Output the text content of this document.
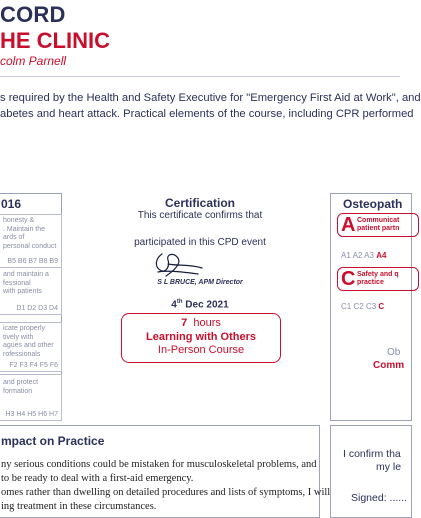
CORD
HE CLINIC
colm Parnell
s required by the Health and Safety Executive for "Emergency First Aid at Work", and
abetes and heart attack. Practical elements of the course, including CPR performed
016
honesty &
. Maintain the
ards of
personal conduct
B5 B6 B7 B8 B9
and maintain a
fessional
with patients
D1 D2 D3 D4
icate properly
tively with
agues and other
rofessionals
F2 F3 F4 F5 F6
and protect
formation
H3 H4 H5 H6 H7
Certification
This certificate confirms that
participated in this CPD event
S L BRUCE, APM Director
4th Dec 2021
7 hours
Learning with Others
In-Person Course
Osteopath
A Communicat
patient partn
A1 A2 A3 A4
C Safety and q
practice
C1 C2 C3 C
Ob
Comm
mpact on Practice
ny serious conditions could be mistaken for musculoskeletal problems, and
to be ready to deal with a first-aid emergency.
omes rather than dwelling on detailed procedures and lists of symptoms, I will
ing treatment in these circumstances.
I confirm tha
my le
Signed: ......
